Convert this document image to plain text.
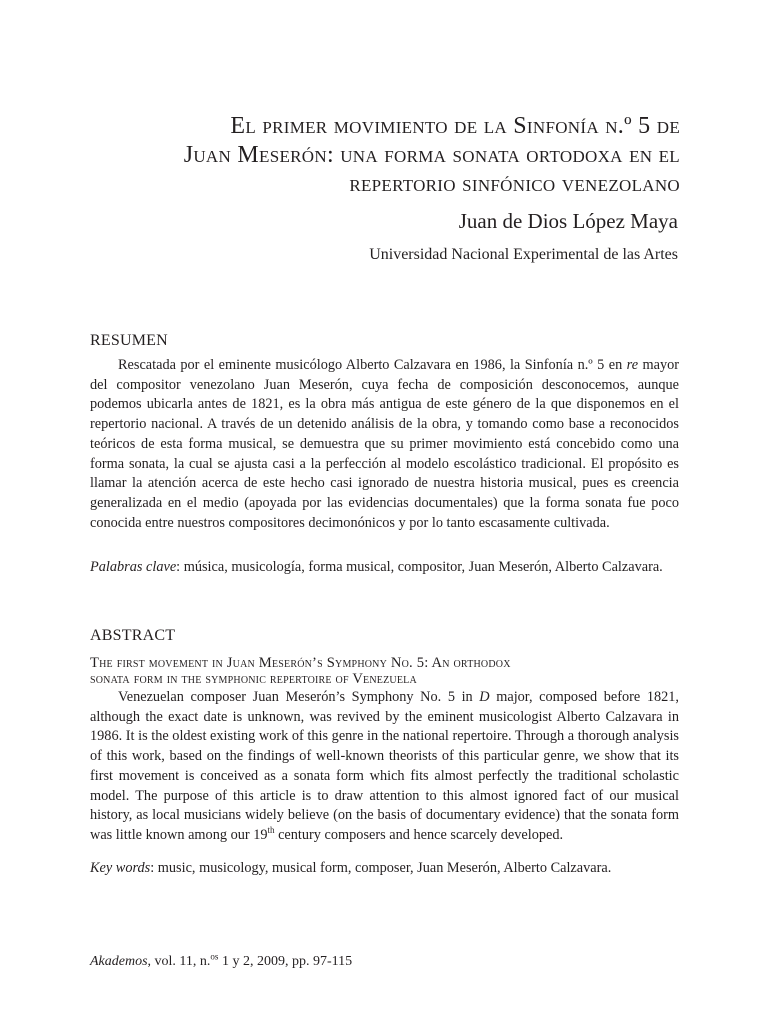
El primer movimiento de la Sinfonía n.º 5 de
Juan Meserón: una forma sonata ortodoxa en el
repertorio sinfónico venezolano
Juan de Dios López Maya
Universidad Nacional Experimental de las Artes
RESUMEN

Rescatada por el eminente musicólogo Alberto Calzavara en 1986, la Sinfonía n.º 5 en re mayor del compositor venezolano Juan Meserón, cuya fecha de composición desconocemos, aunque podemos ubicarla antes de 1821, es la obra más antigua de este género de la que disponemos en el repertorio nacional. A través de un detenido análisis de la obra, y tomando como base a reconocidos teóricos de esta forma musical, se demuestra que su primer movimiento está concebido como una forma sonata, la cual se ajusta casi a la perfección al modelo escolástico tradicional. El propósito es llamar la atención acerca de este hecho casi ignorado de nuestra historia musical, pues es creencia generalizada en el medio (apoyada por las evidencias documentales) que la forma sonata fue poco conocida entre nuestros compositores decimonónicos y por lo tanto escasamente cultivada.

Palabras clave: música, musicología, forma musical, compositor, Juan Meserón, Alberto Calzavara.
ABSTRACT
The first movement in Juan Meserón’s Symphony No. 5: An orthodox
sonata form in the symphonic repertoire of Venezuela

Venezuelan composer Juan Meserón’s Symphony No. 5 in D major, composed before 1821, although the exact date is unknown, was revived by the eminent musicologist Alberto Calzavara in 1986. It is the oldest existing work of this genre in the national repertoire. Through a thorough analysis of this work, based on the findings of well-known theorists of this particular genre, we show that its first movement is conceived as a sonata form which fits almost perfectly the traditional scholastic model. The purpose of this article is to draw attention to this almost ignored fact of our musical history, as local musicians widely believe (on the basis of documentary evidence) that the sonata form was little known among our 19th century composers and hence scarcely developed.

Key words: music, musicology, musical form, composer, Juan Meserón, Alberto Calzavara.
Akademos, vol. 11, n.$^{os}$ 1 y 2, 2009, pp. 97-115
